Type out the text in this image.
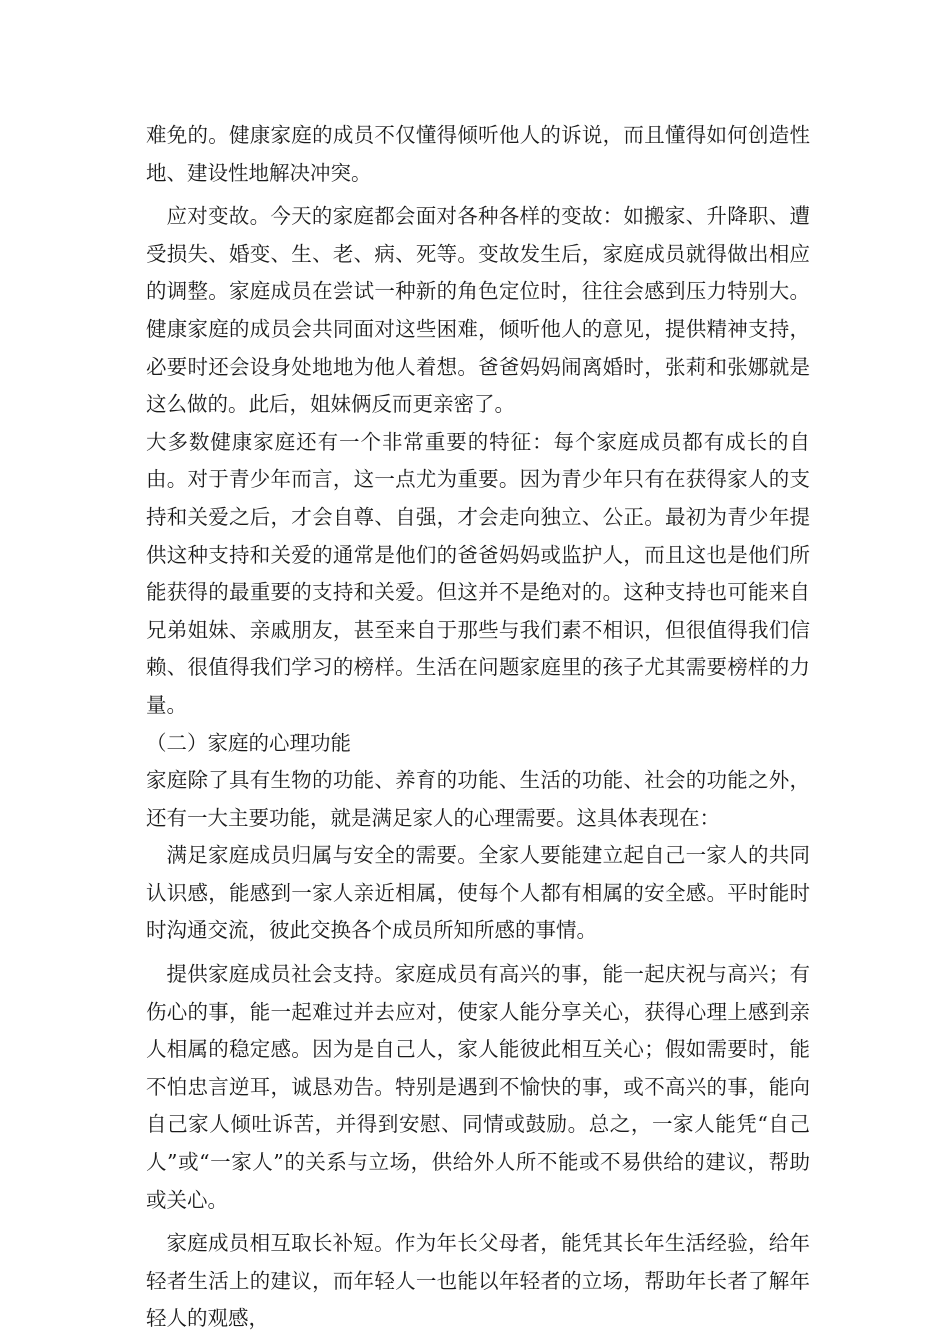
难免的。健康家庭的成员不仅懂得倾听他人的诉说，而且懂得如何创造性地、建设性地解决冲突。

应对变故。今天的家庭都会面对各种各样的变故：如搬家、升降职、遭受损失、婚变、生、老、病、死等。变故发生后，家庭成员就得做出相应的调整。家庭成员在尝试一种新的角色定位时，往往会感到压力特别大。健康家庭的成员会共同面对这些困难，倾听他人的意见，提供精神支持，必要时还会设身处地地为他人着想。爸爸妈妈闹离婚时，张莉和张娜就是这么做的。此后，姐妹俩反而更亲密了。

大多数健康家庭还有一个非常重要的特征：每个家庭成员都有成长的自由。对于青少年而言，这一点尤为重要。因为青少年只有在获得家人的支持和关爱之后，才会自尊、自强，才会走向独立、公正。最初为青少年提供这种支持和关爱的通常是他们的爸爸妈妈或监护人，而且这也是他们所能获得的最重要的支持和关爱。但这并不是绝对的。这种支持也可能来自兄弟姐妹、亲戚朋友，甚至来自于那些与我们素不相识，但很值得我们信赖、很值得我们学习的榜样。生活在问题家庭里的孩子尤其需要榜样的力量。

（二）家庭的心理功能

家庭除了具有生物的功能、养育的功能、生活的功能、社会的功能之外，还有一大主要功能，就是满足家人的心理需要。这具体表现在：

满足家庭成员归属与安全的需要。全家人要能建立起自己一家人的共同认识感，能感到一家人亲近相属，使每个人都有相属的安全感。平时能时时沟通交流，彼此交换各个成员所知所感的事情。

提供家庭成员社会支持。家庭成员有高兴的事，能一起庆祝与高兴；有伤心的事，能一起难过并去应对，使家人能分享关心，获得心理上感到亲人相属的稳定感。因为是自己人，家人能彼此相互关心；假如需要时，能不怕忠言逆耳，诚恳劝告。特别是遇到不愉快的事，或不高兴的事，能向自己家人倾吐诉苦，并得到安慰、同情或鼓励。总之，一家人能凭“自己人”或“一家人”的关系与立场，供给外人所不能或不易供给的建议，帮助或关心。

家庭成员相互取长补短。作为年长父母者，能凭其长年生活经验，给年轻者生活上的建议，而年轻人一也能以年轻者的立场，帮助年长者了解年轻人的观感，
